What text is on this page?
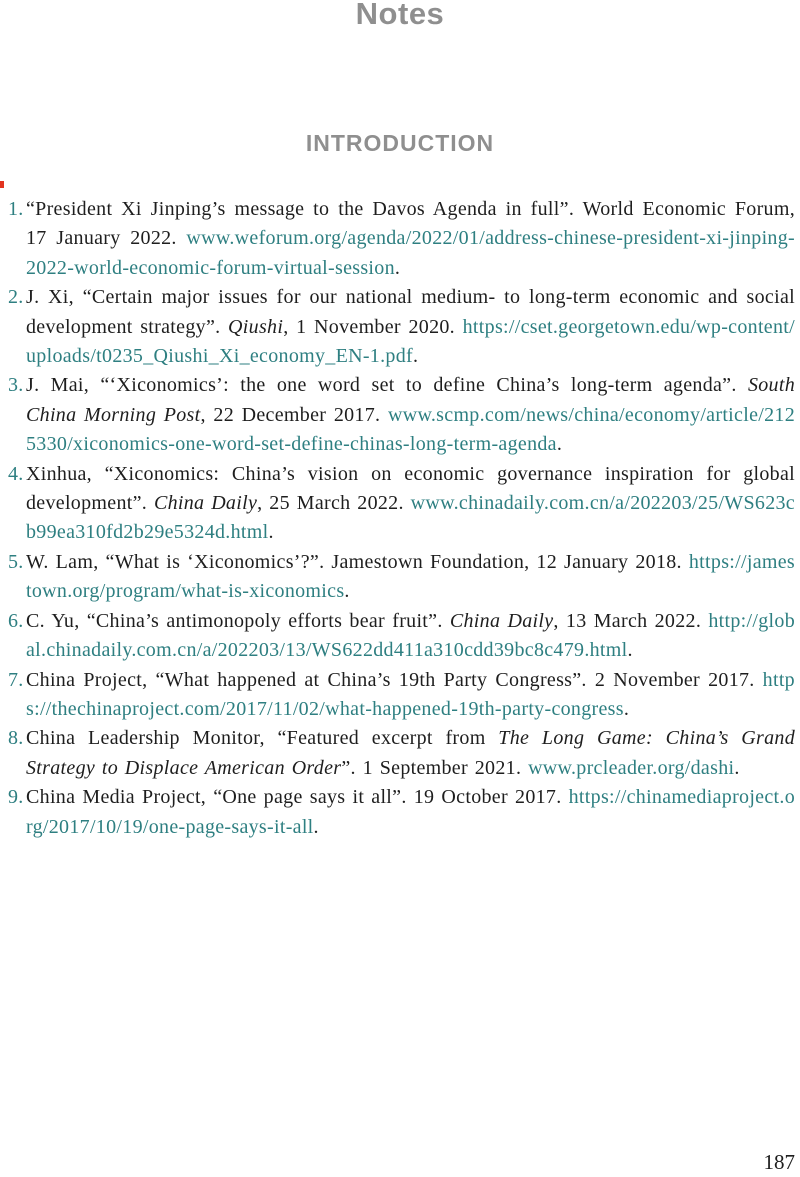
Notes
INTRODUCTION
1. “President Xi Jinping’s message to the Davos Agenda in full”. World Economic Forum, 17 January 2022. www.weforum.org/agenda/2022/01/address-chinese-president-xi-jinping-2022-world-economic-forum-virtual-session.
2. J. Xi, “Certain major issues for our national medium- to long-term economic and social development strategy”. Qiushi, 1 November 2020. https://cset.georgetown.edu/wp-content/uploads/t0235_Qiushi_Xi_economy_EN-1.pdf.
3. J. Mai, “‘Xiconomics’: the one word set to define China’s long-term agenda”. South China Morning Post, 22 December 2017. www.scmp.com/news/china/economy/article/2125330/xiconomics-one-word-set-define-chinas-long-term-agenda.
4. Xinhua, “Xiconomics: China’s vision on economic governance inspiration for global development”. China Daily, 25 March 2022. www.chinadaily.com.cn/a/202203/25/WS623cb99ea310fd2b29e5324d.html.
5. W. Lam, “What is ‘Xiconomics’?”. Jamestown Foundation, 12 January 2018. https://jamestown.org/program/what-is-xiconomics.
6. C. Yu, “China’s antimonopoly efforts bear fruit”. China Daily, 13 March 2022. http://global.chinadaily.com.cn/a/202203/13/WS622dd411a310cdd39bc8c479.html.
7. China Project, “What happened at China’s 19th Party Congress”. 2 November 2017. https://thechinaproject.com/2017/11/02/what-happened-19th-party-congress.
8. China Leadership Monitor, “Featured excerpt from The Long Game: China’s Grand Strategy to Displace American Order”. 1 September 2021. www.prcleader.org/dashi.
9. China Media Project, “One page says it all”. 19 October 2017. https://chinamediaproject.org/2017/10/19/one-page-says-it-all.
187
